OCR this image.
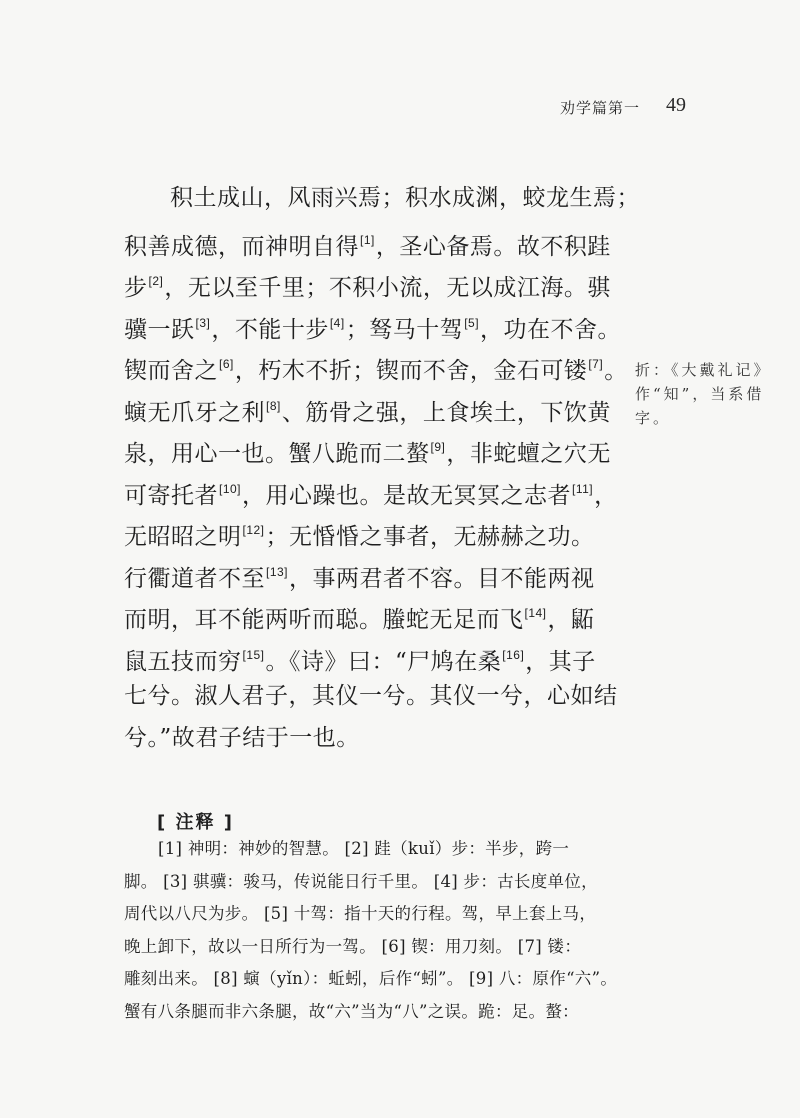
劝学篇第一 49
积土成山，风雨兴焉；积水成渊，蛟龙生焉；
积善成德，而神明自得[1]，圣心备焉。故不积跬
步[2]，无以至千里；不积小流，无以成江海。骐
骥一跃[3]，不能十步[4]；驽马十驾[5]，功在不舍。
锲而舍之[6]，朽木不折；锲而不舍，金石可镂[7]。
螾无爪牙之利[8]、筋骨之强，上食埃土，下饮黄
泉，用心一也。蟹八跪而二螯[9]，非蛇蟺之穴无
可寄托者[10]，用心躁也。是故无冥冥之志者[11]，
无昭昭之明[12]；无惛惛之事者，无赫赫之功。
行衢道者不至[13]，事两君者不容。目不能两视
而明，耳不能两听而聪。螣蛇无足而飞[14]，鼫
鼠五技而穷[15]。《诗》曰：“尸鸠在桑[16]，其子
七兮。淑人君子，其仪一兮。其仪一兮，心如结
兮。”故君子结于一也。
折：《大戴礼记》作“知”，当系借字。
[ 注释 ]
[1] 神明：神妙的智慧。 [2] 跬（kuǐ）步：半步，跨一
脚。 [3] 骐骥：骏马，传说能日行千里。 [4] 步：古长度单位，
周代以八尺为步。 [5] 十驾：指十天的行程。驾，早上套上马，
晚上卸下，故以一日所行为一驾。 [6] 锲：用刀刻。 [7] 镂：
雕刻出来。 [8] 螾（yǐn）：蚯蚓，后作“蚓”。 [9] 八：原作“六”。
蟹有八条腿而非六条腿，故“六”当为“八”之误。跪：足。螯：
